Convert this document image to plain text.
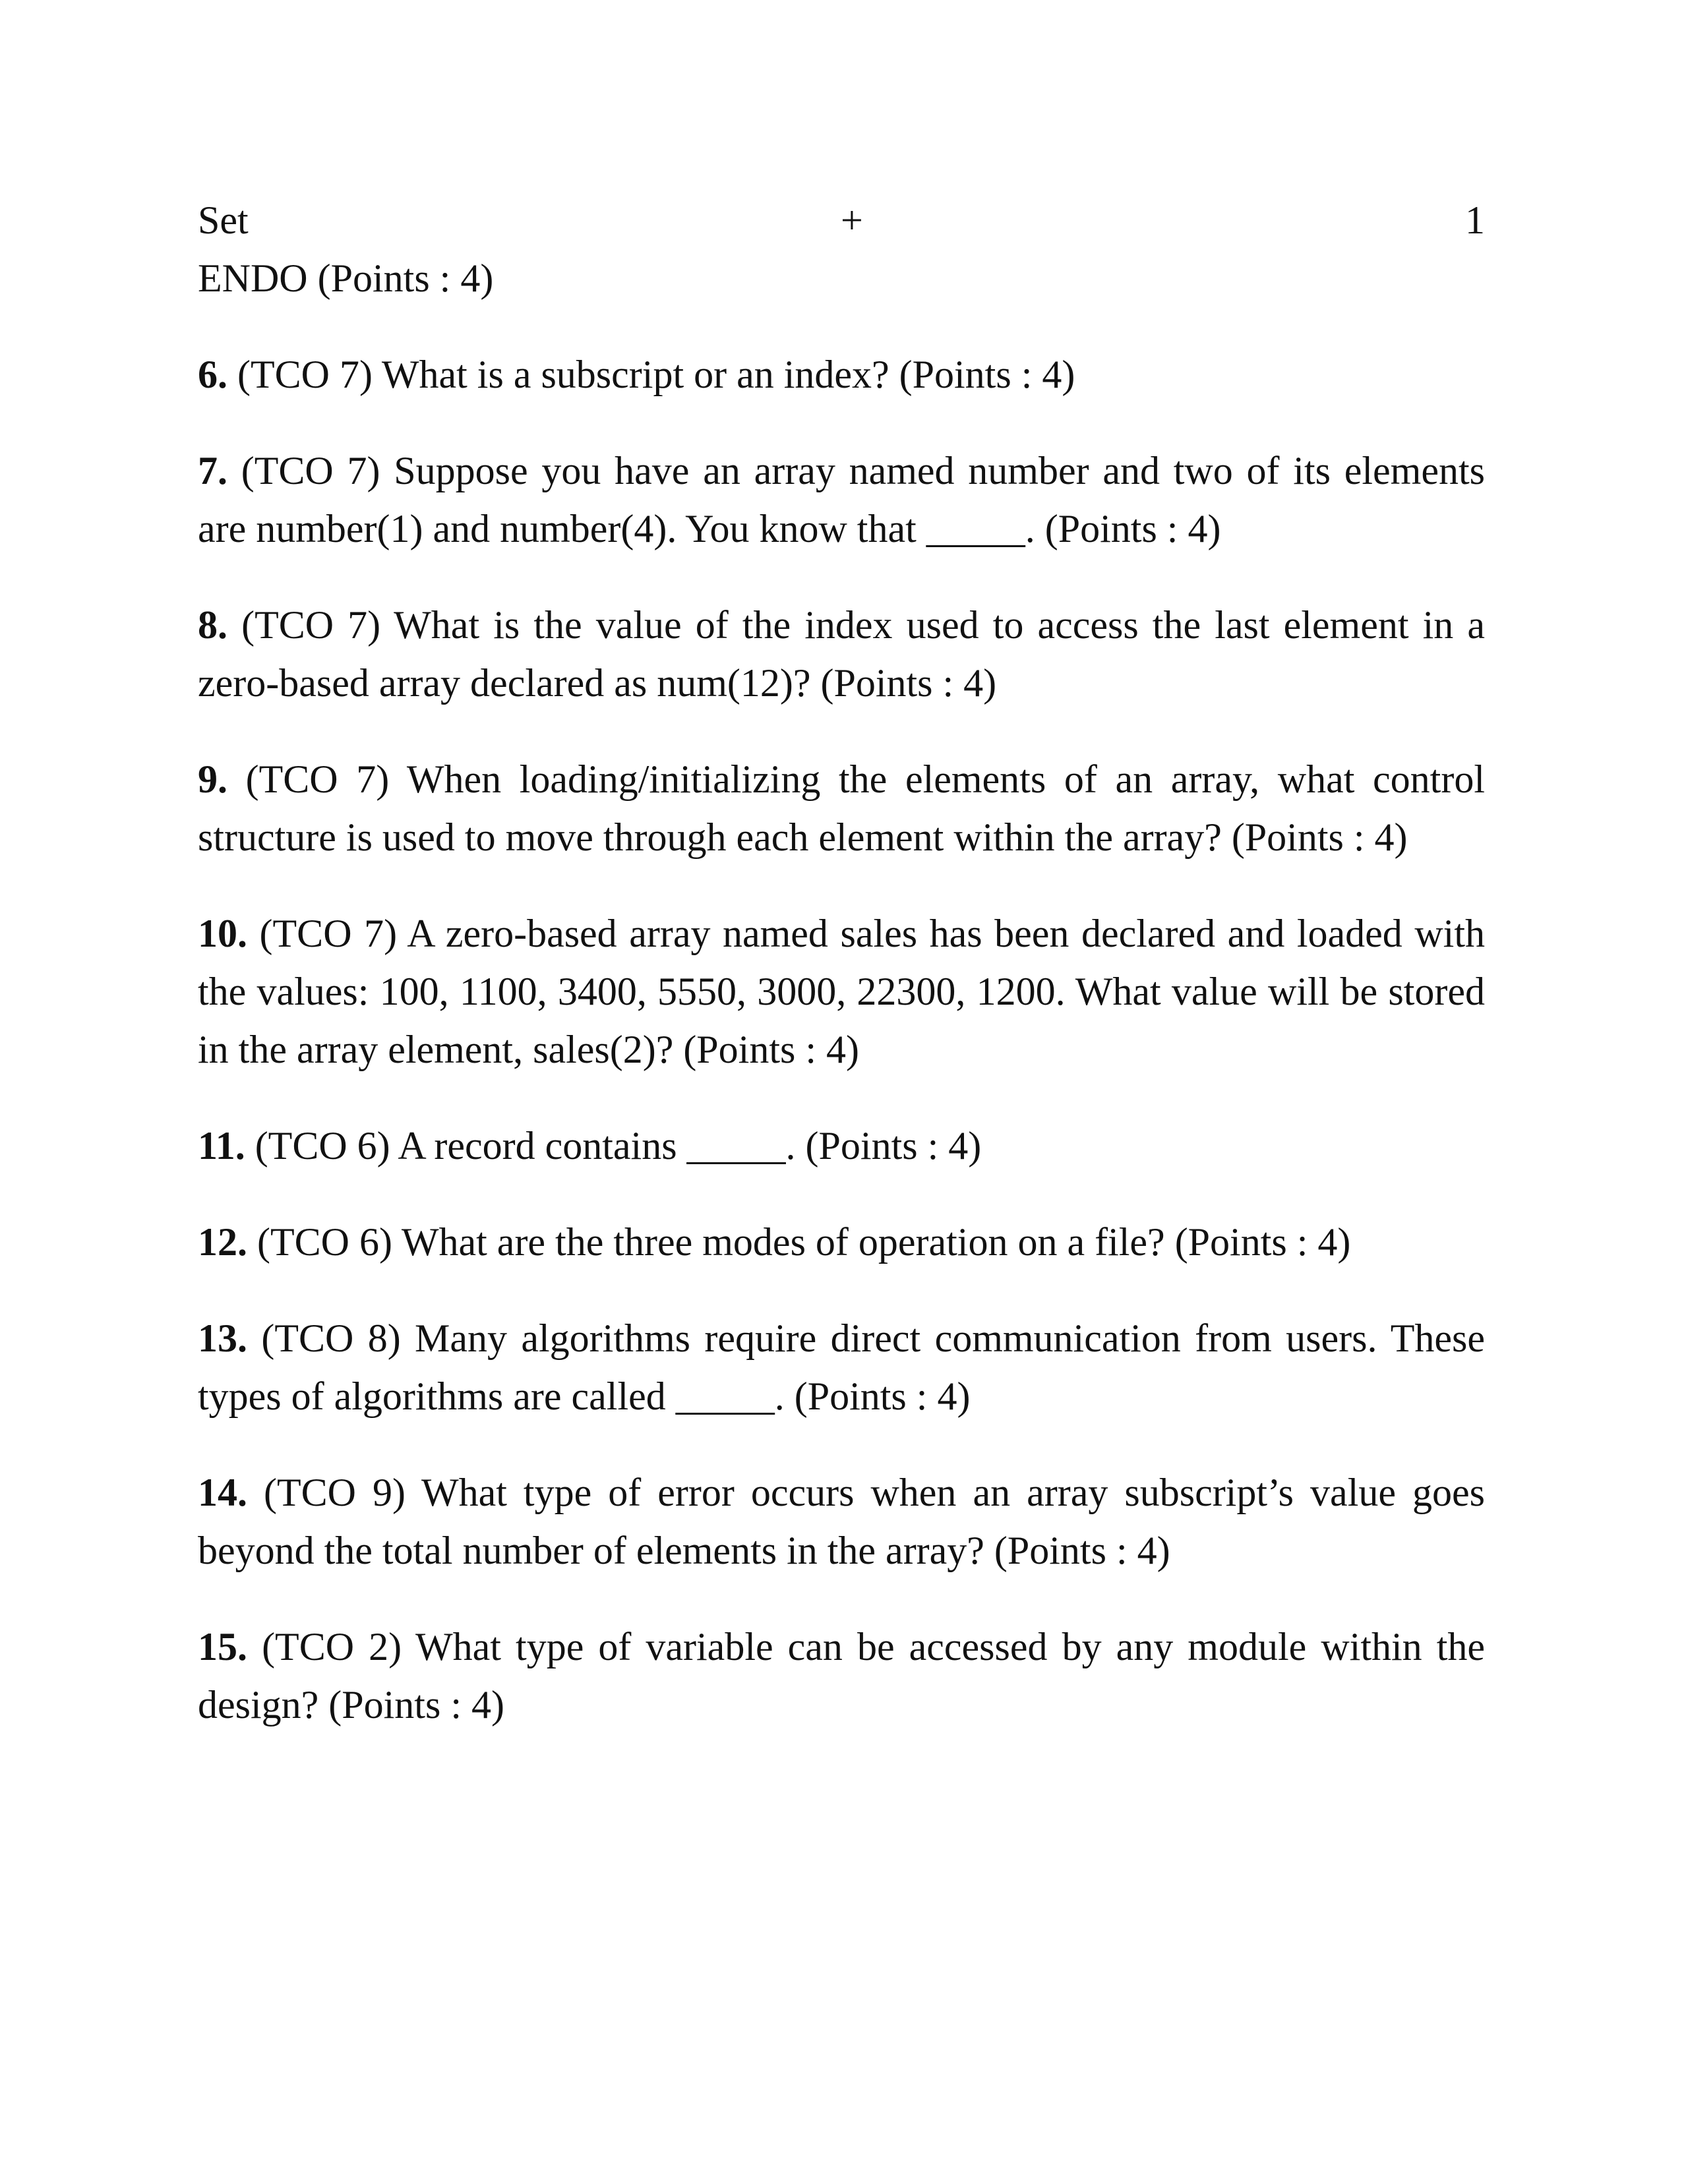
Set	+	1

ENDO (Points : 4)

6. (TCO 7) What is a subscript or an index? (Points : 4)

7. (TCO 7) Suppose you have an array named number and two of its elements are number(1) and number(4). You know that _____. (Points : 4)

8. (TCO 7) What is the value of the index used to access the last element in a zero-based array declared as num(12)? (Points : 4)

9. (TCO 7) When loading/initializing the elements of an array, what control structure is used to move through each element within the array? (Points : 4)

10. (TCO 7) A zero-based array named sales has been declared and loaded with the values: 100, 1100, 3400, 5550, 3000, 22300, 1200. What value will be stored in the array element, sales(2)? (Points : 4)

11. (TCO 6) A record contains _____. (Points : 4)

12. (TCO 6) What are the three modes of operation on a file? (Points : 4)

13. (TCO 8) Many algorithms require direct communication from users. These types of algorithms are called _____. (Points : 4)

14. (TCO 9) What type of error occurs when an array subscript’s value goes beyond the total number of elements in the array? (Points : 4)

15. (TCO 2) What type of variable can be accessed by any module within the design? (Points : 4)
